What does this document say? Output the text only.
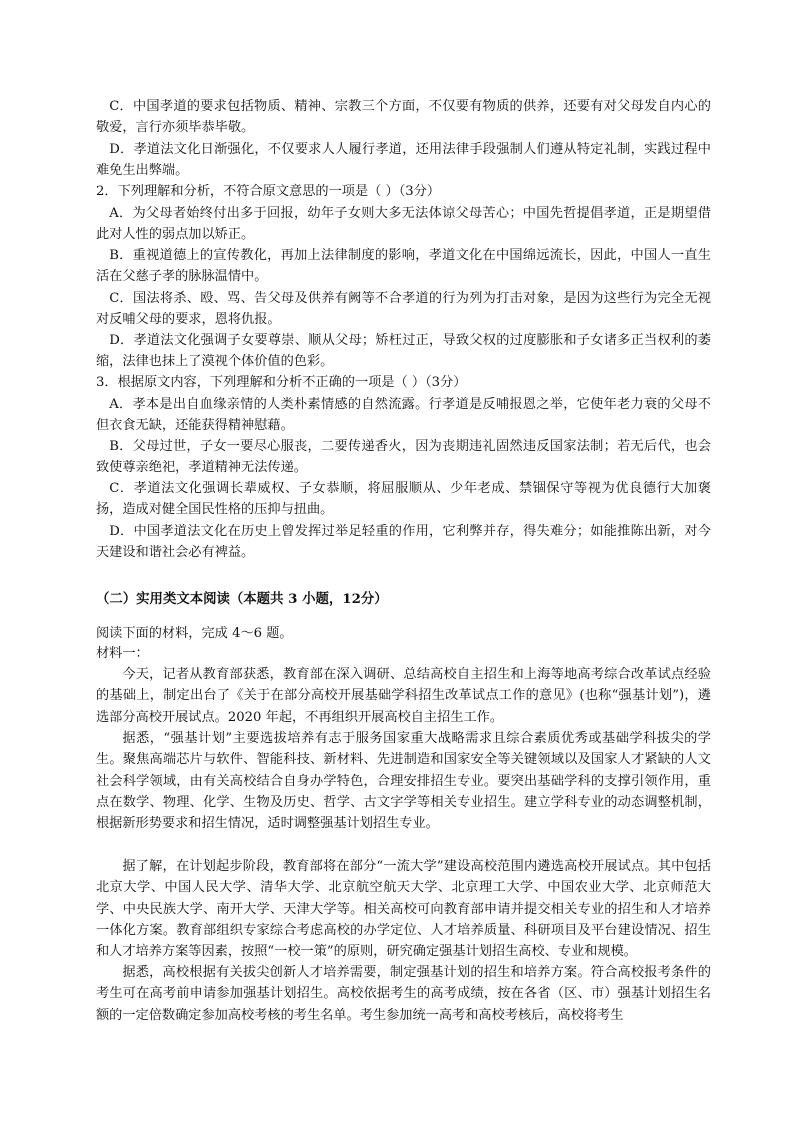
C．中国孝道的要求包括物质、精神、宗教三个方面，不仅要有物质的供养，还要有对父母发自内心的敬爱，言行亦须毕恭毕敬。

D．孝道法文化日渐强化，不仅要求人人履行孝道，还用法律手段强制人们遵从特定礼制，实践过程中难免生出弊端。

2．下列理解和分析，不符合原文意思的一项是（ ）（3分）

A．为父母者始终付出多于回报，幼年子女则大多无法体谅父母苦心；中国先哲提倡孝道，正是期望借此对人性的弱点加以矫正。

B．重视道德上的宣传教化，再加上法律制度的影响，孝道文化在中国绵远流长，因此，中国人一直生活在父慈子孝的脉脉温情中。

C．国法将杀、殴、骂、告父母及供养有阙等不合孝道的行为列为打击对象，是因为这些行为完全无视对反哺父母的要求，恩将仇报。

D．孝道法文化强调子女要尊崇、顺从父母；矫枉过正，导致父权的过度膨胀和子女诸多正当权利的萎缩，法律也抹上了漠视个体价值的色彩。

3．根据原文内容，下列理解和分析不正确的一项是（ ）（3分）

A．孝本是出自血缘亲情的人类朴素情感的自然流露。行孝道是反哺报恩之举，它使年老力衰的父母不但衣食无缺，还能获得精神慰藉。

B．父母过世，子女一要尽心服丧，二要传递香火，因为丧期违礼固然违反国家法制；若无后代，也会致使尊亲绝祀，孝道精神无法传递。

C．孝道法文化强调长辈威权、子女恭顺，将屈服顺从、少年老成、禁锢保守等视为优良德行大加褒扬，造成对健全国民性格的压抑与扭曲。

D．中国孝道法文化在历史上曾发挥过举足轻重的作用，它利弊并存，得失难分；如能推陈出新，对今天建设和谐社会必有裨益。

（二）实用类文本阅读（本题共 3 小题，12分）

阅读下面的材料，完成 4～6 题。

材料一：

今天，记者从教育部获悉，教育部在深入调研、总结高校自主招生和上海等地高考综合改革试点经验的基础上，制定出台了《关于在部分高校开展基础学科招生改革试点工作的意见》(也称“强基计划”)，遴选部分高校开展试点。2020 年起，不再组织开展高校自主招生工作。

据悉，“强基计划”主要选拔培养有志于服务国家重大战略需求且综合素质优秀或基础学科拔尖的学生。聚焦高端芯片与软件、智能科技、新材料、先进制造和国家安全等关键领域以及国家人才紧缺的人文社会科学领域，由有关高校结合自身办学特色，合理安排招生专业。要突出基础学科的支撑引领作用，重点在数学、物理、化学、生物及历史、哲学、古文字学等相关专业招生。建立学科专业的动态调整机制，根据新形势要求和招生情况，适时调整强基计划招生专业。

据了解，在计划起步阶段，教育部将在部分“一流大学”建设高校范围内遴选高校开展试点。其中包括北京大学、中国人民大学、清华大学、北京航空航天大学、北京理工大学、中国农业大学、北京师范大学、中央民族大学、南开大学、天津大学等。相关高校可向教育部申请并提交相关专业的招生和人才培养一体化方案。教育部组织专家综合考虑高校的办学定位、人才培养质量、科研项目及平台建设情况、招生和人才培养方案等因素，按照“一校一策”的原则，研究确定强基计划招生高校、专业和规模。

据悉，高校根据有关拔尖创新人才培养需要，制定强基计划的招生和培养方案。符合高校报考条件的考生可在高考前申请参加强基计划招生。高校依据考生的高考成绩，按在各省（区、市）强基计划招生名额的一定倍数确定参加高校考核的考生名单。考生参加统一高考和高校考核后，高校将考生
